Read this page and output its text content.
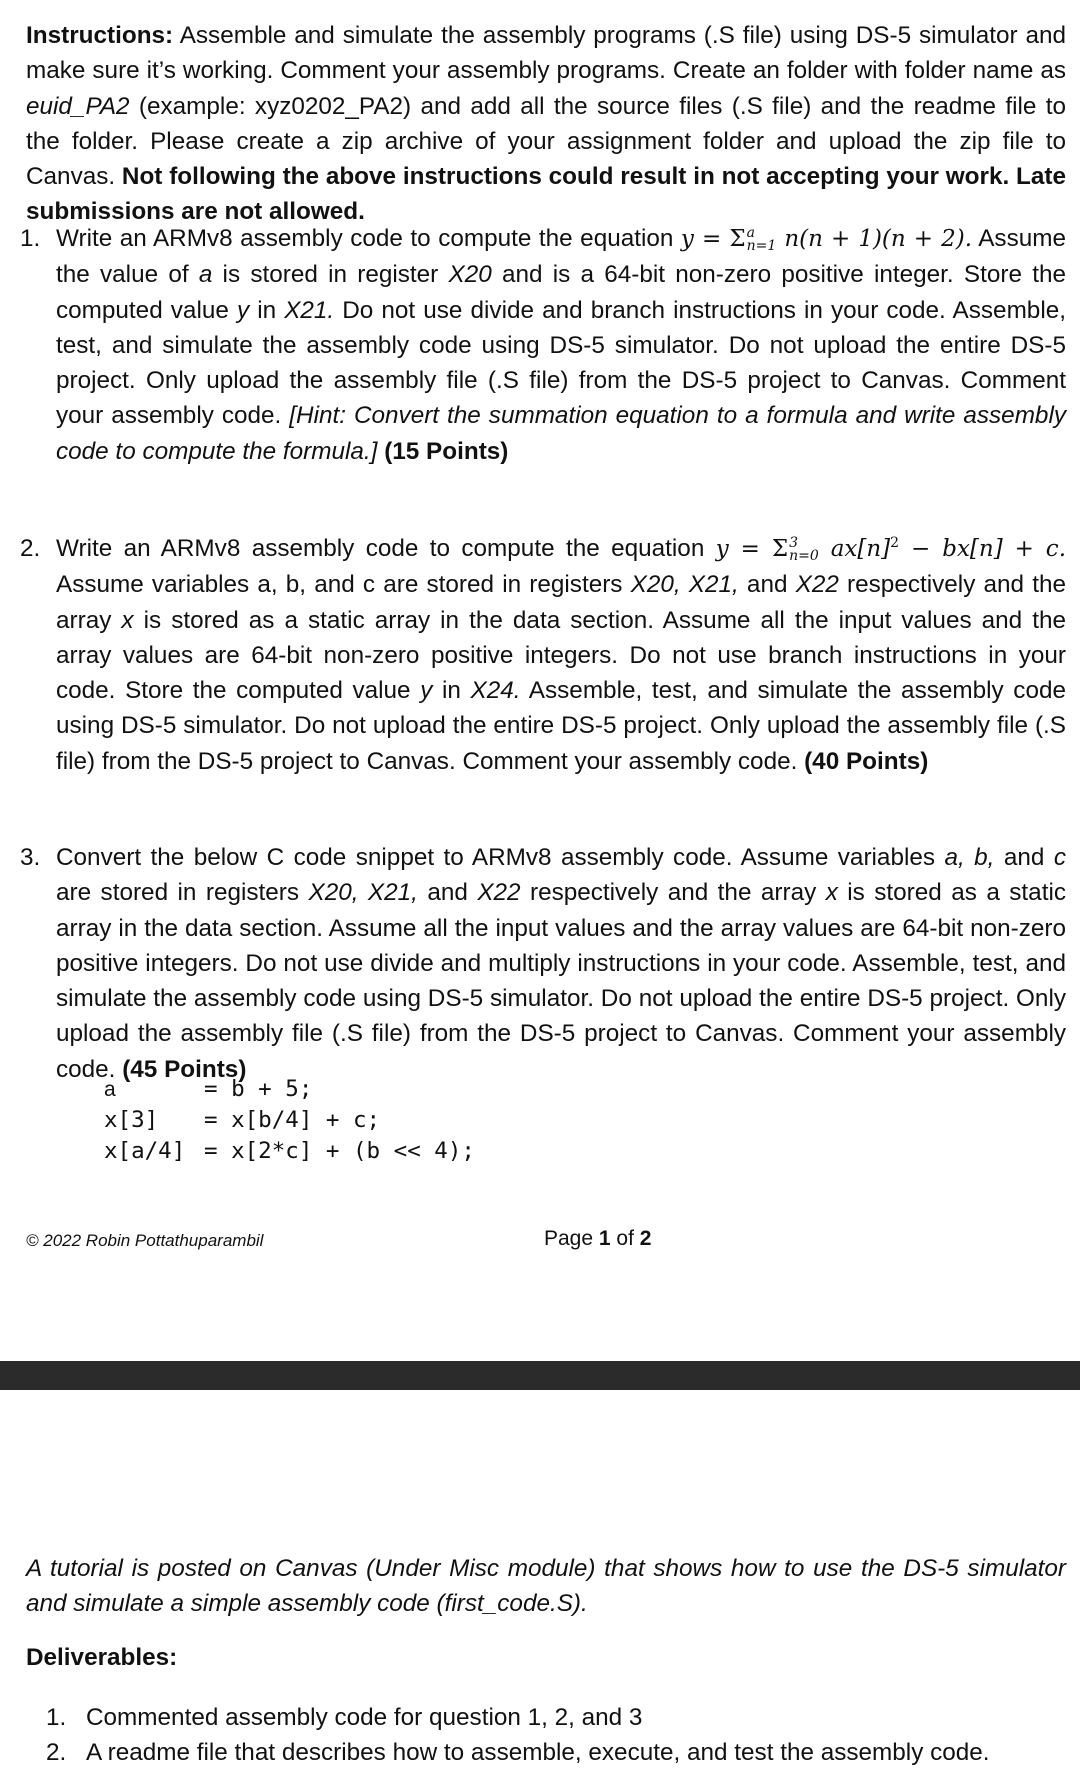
Instructions: Assemble and simulate the assembly programs (.S file) using DS-5 simulator and make sure it’s working. Comment your assembly programs. Create an folder with folder name as euid_PA2 (example: xyz0202_PA2) and add all the source files (.S file) and the readme file to the folder. Please create a zip archive of your assignment folder and upload the zip file to Canvas. Not following the above instructions could result in not accepting your work. Late submissions are not allowed.
1. Write an ARMv8 assembly code to compute the equation y = Σ a
n=1 n(n + 1)(n + 2). Assume the value of a is stored in register X20 and is a 64-bit non-zero positive integer. Store the computed value y in X21. Do not use divide and branch instructions in your code. Assemble, test, and simulate the assembly code using DS-5 simulator. Do not upload the entire DS-5 project. Only upload the assembly file (.S file) from the DS-5 project to Canvas. Comment your assembly code. [Hint: Convert the summation equation to a formula and write assembly code to compute the formula.] (15 Points)
2. Write an ARMv8 assembly code to compute the equation y = Σ 3
n=0 $ax[n]^2 - bx[n] + c$. Assume variables a, b, and c are stored in registers X20, X21, and X22 respectively and the array x is stored as a static array in the data section. Assume all the input values and the array values are 64-bit non-zero positive integers. Do not use branch instructions in your code. Store the computed value y in X24. Assemble, test, and simulate the assembly code using DS-5 simulator. Do not upload the entire DS-5 project. Only upload the assembly file (.S file) from the DS-5 project to Canvas. Comment your assembly code. (40 Points)
3. Convert the below C code snippet to ARMv8 assembly code. Assume variables a, b, and c are stored in registers X20, X21, and X22 respectively and the array x is stored as a static array in the data section. Assume all the input values and the array values are 64-bit non-zero positive integers. Do not use divide and multiply instructions in your code. Assemble, test, and simulate the assembly code using DS-5 simulator. Do not upload the entire DS-5 project. Only upload the assembly file (.S file) from the DS-5 project to Canvas. Comment your assembly code. (45 Points)
a	= b + 5;
x[3]	= x[b/4] + c;
x[a/4] = x[2*c] + (b << 4);
© 2022 Robin Pottathuparambil	Page 1 of 2
A tutorial is posted on Canvas (Under Misc module) that shows how to use the DS-5 simulator and simulate a simple assembly code (first_code.S).
Deliverables:
1. Commented assembly code for question 1, 2, and 3
2. A readme file that describes how to assemble, execute, and test the assembly code.
